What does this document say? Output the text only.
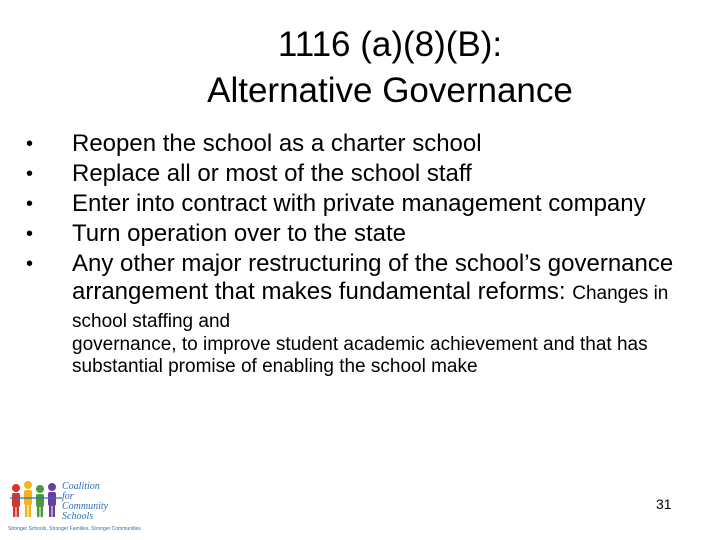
1116 (a)(8)(B):
Alternative Governance
•	Reopen the school as a charter school
•	Replace all or most of the school staff
•	Enter into contract with private management company
•	Turn operation over to the state
•	Any other major restructuring of the school’s governance arrangement that makes fundamental reforms: Changes in school staffing and
governance, to improve student academic achievement and that has substantial promise of enabling the school make
Coalition
for
Community
Schools
Stronger Schools, Stronger Families, Stronger Communities
31
